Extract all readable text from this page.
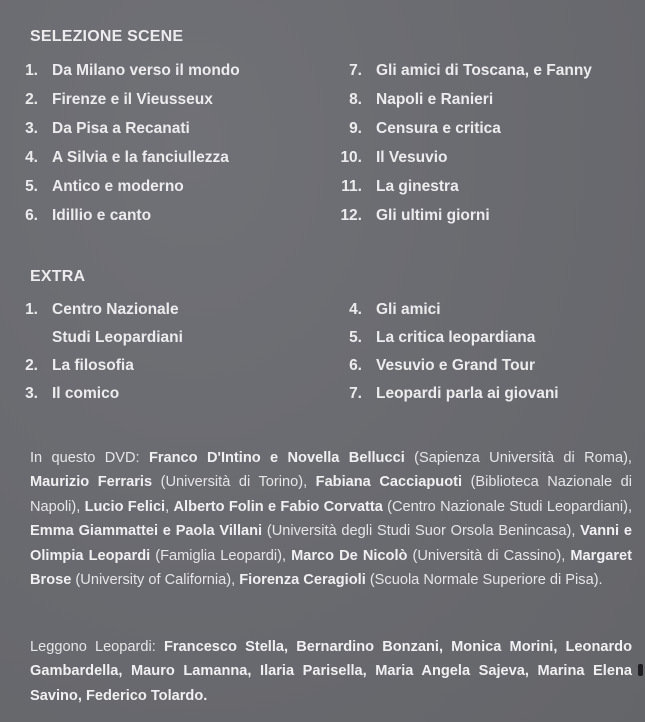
SELEZIONE SCENE
1. Da Milano verso il mondo
2. Firenze e il Vieusseux
3. Da Pisa a Recanati
4. A Silvia e la fanciullezza
5. Antico e moderno
6. Idillio e canto
7. Gli amici di Toscana, e Fanny
8. Napoli e Ranieri
9. Censura e critica
10. Il Vesuvio
11. La ginestra
12. Gli ultimi giorni
EXTRA
1. Centro Nazionale
Studi Leopardiani
2. La filosofia
3. Il comico
4. Gli amici
5. La critica leopardiana
6. Vesuvio e Grand Tour
7. Leopardi parla ai giovani

In questo DVD: Franco D'Intino e Novella Bellucci (Sapienza Università di Roma), Maurizio Ferraris (Università di Torino), Fabiana Cacciapuoti (Biblioteca Nazionale di Napoli), Lucio Felici, Alberto Folin e Fabio Corvatta (Centro Nazionale Studi Leopardiani), Emma Giammattei e Paola Villani (Università degli Studi Suor Orsola Benincasa), Vanni e Olimpia Leopardi (Famiglia Leopardi), Marco De Nicolò (Università di Cassino), Margaret Brose (University of California), Fiorenza Ceragioli (Scuola Normale Superiore di Pisa).

Leggono Leopardi: Francesco Stella, Bernardino Bonzani, Monica Morini, Leonardo Gambardella, Mauro Lamanna, Ilaria Parisella, Maria Angela Sajeva, Marina Elena Savino, Federico Tolardo.
